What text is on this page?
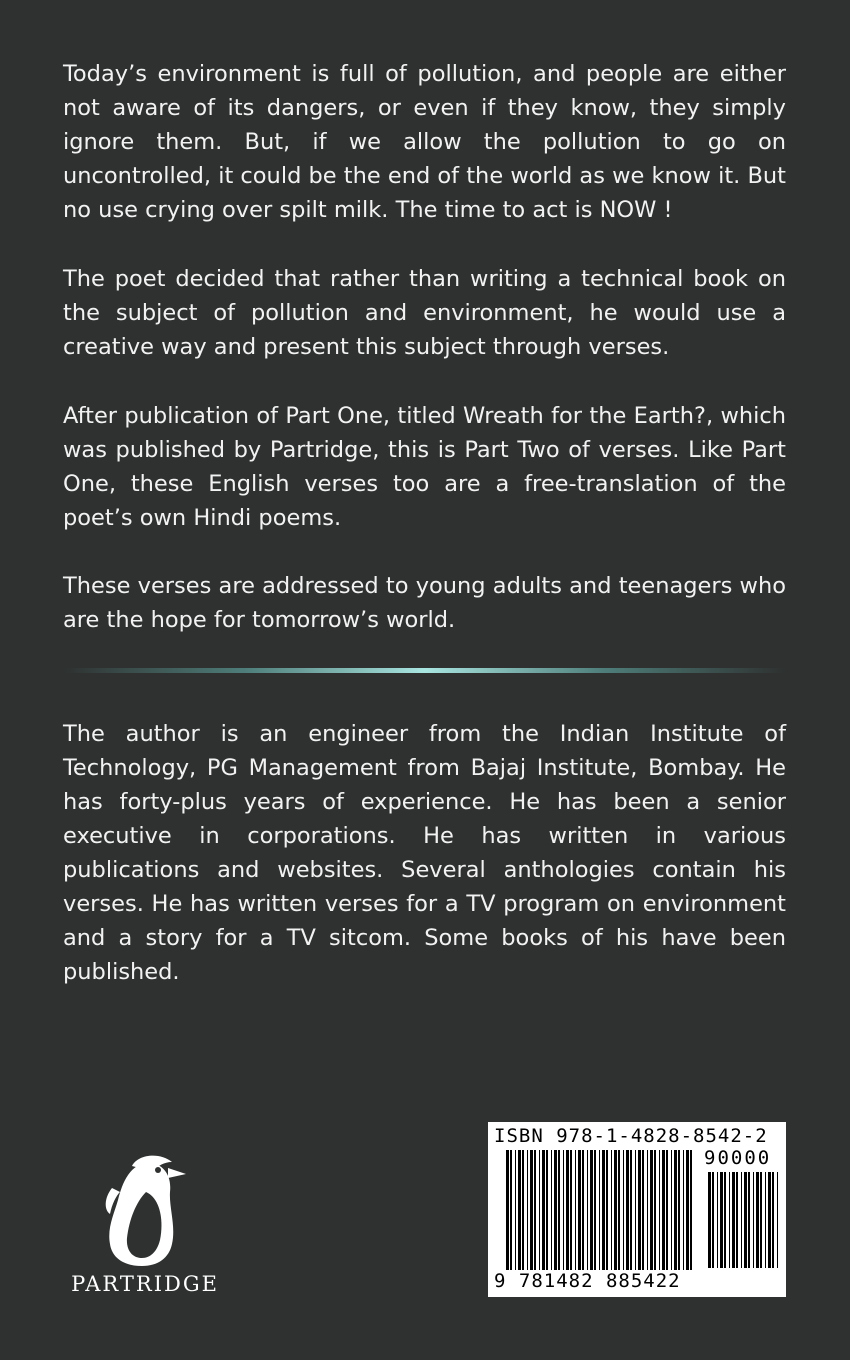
Today’s environment is full of pollution, and people are either not aware of its dangers, or even if they know, they simply ignore them. But, if we allow the pollution to go on uncontrolled, it could be the end of the world as we know it. But no use crying over spilt milk. The time to act is NOW !

The poet decided that rather than writing a technical book on the subject of pollution and environment, he would use a creative way and present this subject through verses.

After publication of Part One, titled Wreath for the Earth?, which was published by Partridge, this is Part Two of verses. Like Part One, these English verses too are a free-translation of the poet’s own Hindi poems.

These verses are addressed to young adults and teenagers who are the hope for tomorrow’s world.

The author is an engineer from the Indian Institute of Technology, PG Management from Bajaj Institute, Bombay. He has forty-plus years of experience. He has been a senior executive in corporations. He has written in various publications and websites. Several anthologies contain his verses. He has written verses for a TV program on environment and a story for a TV sitcom. Some books of his have been published.

PARTRIDGE
ISBN 978-1-4828-8542-2
90000
9 781482 885422
